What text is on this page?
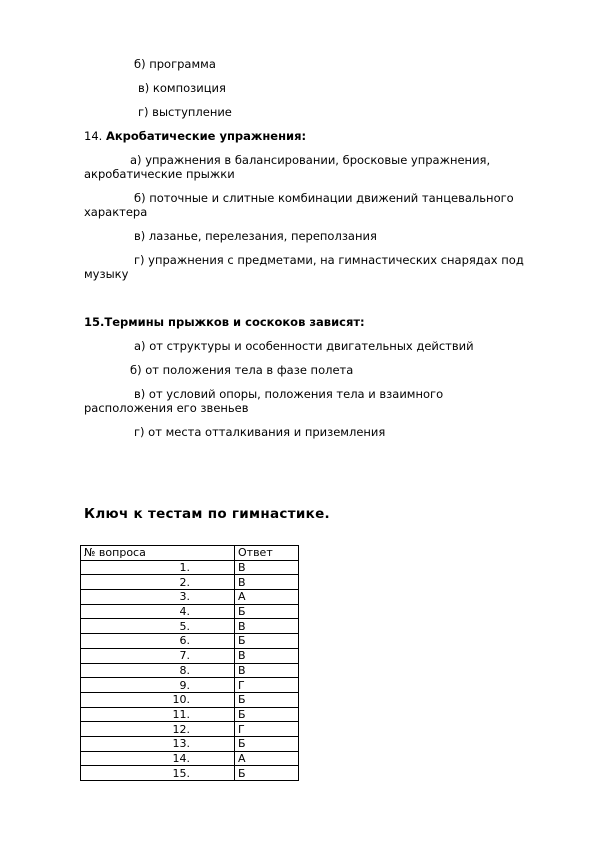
б) программа
в) композиция
г) выступление
14. Акробатические упражнения:
а) упражнения в балансировании, бросковые упражнения,
акробатические прыжки
б) поточные и слитные комбинации движений танцевального
характера
в) лазанье, перелезания, переползания
г) упражнения с предметами, на гимнастических снарядах под
музыку
15.Термины прыжков и соскоков зависят:
а) от структуры и особенности двигательных действий
б) от положения тела в фазе полета
в) от условий опоры, положения тела и взаимного
расположения его звеньев
г) от места отталкивания и приземления
Ключ к тестам по гимнастике.
№ вопроса	Ответ
1.	В
2.	В
3.	А
4.	Б
5.	В
6.	Б
7.	В
8.	В
9.	Г
10.	Б
11.	Б
12.	Г
13.	Б
14.	А
15.	Б
